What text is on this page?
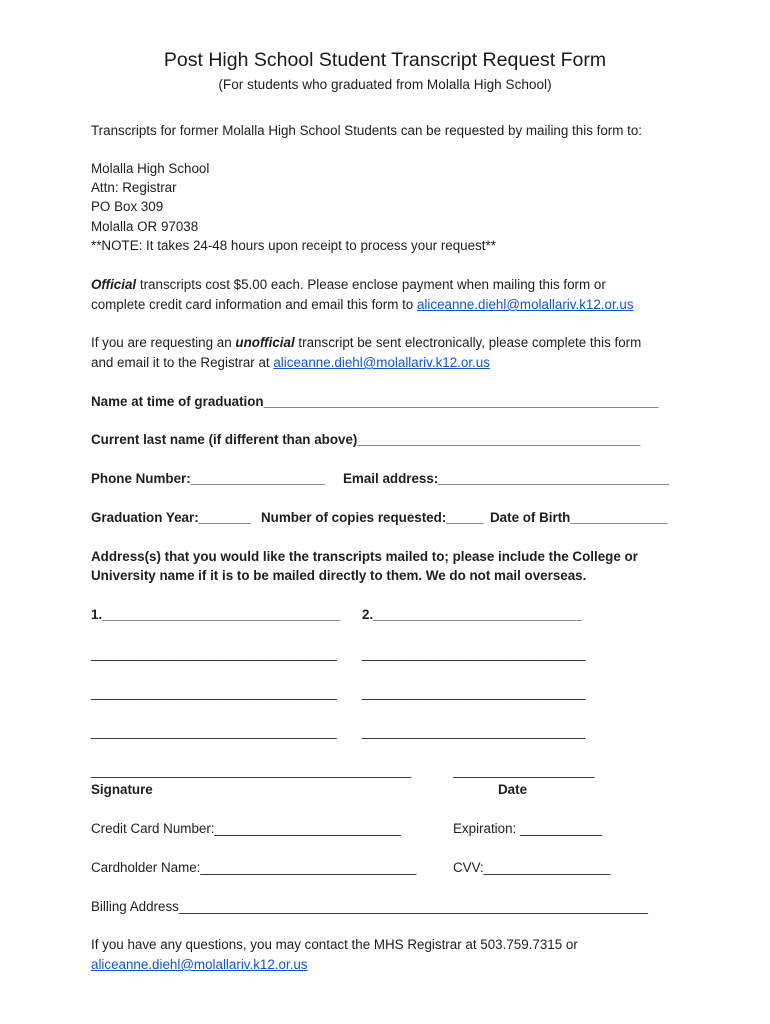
Post High School Student Transcript Request Form
(For students who graduated from Molalla High School)
Transcripts for former Molalla High School Students can be requested by mailing this form to:
Molalla High School
Attn: Registrar
PO Box 309
Molalla OR 97038
**NOTE: It takes 24-48 hours upon receipt to process your request**
Official transcripts cost $5.00 each. Please enclose payment when mailing this form or
complete credit card information and email this form to aliceanne.diehl@molallariv.k12.or.us
If you are requesting an unofficial transcript be sent electronically, please complete this form
and email it to the Registrar at aliceanne.diehl@molallariv.k12.or.us
Name at time of graduation_____________________________________________________
Current last name (if different than above)______________________________________
Phone Number:__________________ Email address:_______________________________
Graduation Year:_______ Number of copies requested:_____ Date of Birth_____________
Address(s) that you would like the transcripts mailed to; please include the College or
University name if it is to be mailed directly to them. We do not mail overseas.
1.________________________________ 2.____________________________
_________________________________ ______________________________
_________________________________ ______________________________
_________________________________ ______________________________
___________________________________________	___________________
Signature	Date
Credit Card Number:_________________________	Expiration: ___________
Cardholder Name:_____________________________	CVV:_________________
Billing Address_______________________________________________________________
If you have any questions, you may contact the MHS Registrar at 503.759.7315 or
aliceanne.diehl@molallariv.k12.or.us
